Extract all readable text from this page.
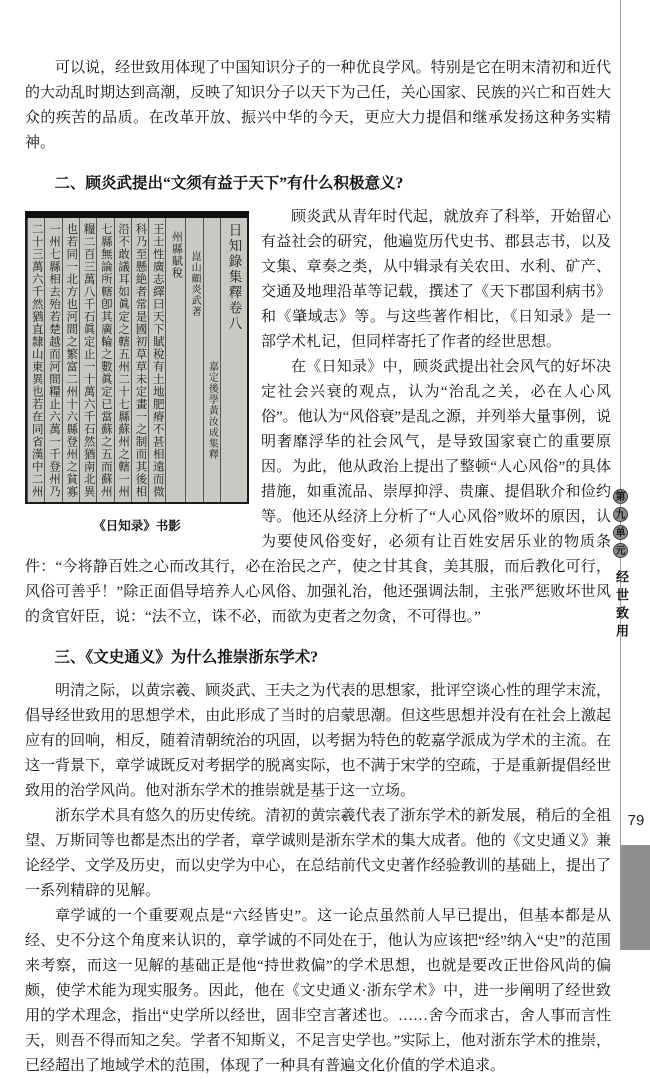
可以说，经世致用体现了中国知识分子的一种优良学风。特别是它在明末清初和近代的大动乱时期达到高潮，反映了知识分子以天下为己任，关心国家、民族的兴亡和百姓大众的疾苦的品质。在改革开放、振兴中华的今天，更应大力提倡和继承发扬这种务实精神。

二、顾炎武提出“文须有益于天下”有什么积极意义?
日知錄集釋卷八
嘉定後學黃汝成集釋
崑山顧炎武著
州縣賦稅
王士性廣志繹曰天下賦稅有土地肥瘠不甚相遠而微
科乃至懸絶者常是國初草草未定畫一之制而其後相
沿不敢議耳如眞定之轄五州二十七縣蘇州之轄一州
七縣無論所轄卽其廣輪之數眞定已當蘇之五而蘇州
糧二百三萬八千石眞定止一十萬六千石然猶南北異
也若同一北方也河間之繁富二州十六縣登州之貧寡
一州七縣相去殆若楚越而河間糧止六萬一千登州乃
二十三萬六千然猶直隸山東異也若在同省漢中二州
《日知录》书影

顾炎武从青年时代起，就放弃了科举，开始留心有益社会的研究，他遍览历代史书、郡县志书，以及文集、章奏之类，从中辑录有关农田、水利、矿产、交通及地理沿革等记载，撰述了《天下郡国利病书》和《肇域志》等。与这些著作相比，《日知录》是一部学术札记，但同样寄托了作者的经世思想。

在《日知录》中，顾炎武提出社会风气的好坏决定社会兴衰的观点，认为“治乱之关，必在人心风俗”。他认为“风俗衰”是乱之源，并列举大量事例，说明奢靡浮华的社会风气，是导致国家衰亡的重要原因。为此，他从政治上提出了整顿“人心风俗”的具体措施，如重流品、崇厚抑浮、贵廉、提倡耿介和俭约等。他还从经济上分析了“人心风俗”败坏的原因，认为要使风俗变好，必须有让百姓安居乐业的物质条件：“今将静百姓之心而改其行，必在治民之产，使之甘其食，美其服，而后教化可行，风俗可善乎！”除正面倡导培养人心风俗、加强礼治，他还强调法制，主张严惩败坏世风的贪官奸臣，说：“法不立，诛不必，而欲为吏者之勿贪，不可得也。”

三、《文史通义》为什么推崇浙东学术?

明清之际，以黄宗羲、顾炎武、王夫之为代表的思想家，批评空谈心性的理学末流，倡导经世致用的思想学术，由此形成了当时的启蒙思潮。但这些思想并没有在社会上激起应有的回响，相反，随着清朝统治的巩固，以考据为特色的乾嘉学派成为学术的主流。在这一背景下，章学诚既反对考据学的脱离实际，也不满于宋学的空疏，于是重新提倡经世致用的治学风尚。他对浙东学术的推崇就是基于这一立场。

浙东学术具有悠久的历史传统。清初的黄宗羲代表了浙东学术的新发展，稍后的全祖望、万斯同等也都是杰出的学者，章学诚则是浙东学术的集大成者。他的《文史通义》兼论经学、文学及历史，而以史学为中心，在总结前代文史著作经验教训的基础上，提出了一系列精辟的见解。

章学诚的一个重要观点是“六经皆史”。这一论点虽然前人早已提出，但基本都是从经、史不分这个角度来认识的，章学诚的不同处在于，他认为应该把“经”纳入“史”的范围来考察，而这一见解的基础正是他“持世救偏”的学术思想，也就是要改正世俗风尚的偏颇，使学术能为现实服务。因此，他在《文史通义·浙东学术》中，进一步阐明了经世致用的学术理念，指出“史学所以经世，固非空言著述也。……舍今而求古，舍人事而言性天，则吾不得而知之矣。学者不知斯义，不足言史学也。”实际上，他对浙东学术的推崇，已经超出了地域学术的范围，体现了一种具有普遍文化价值的学术追求。

第
九
单
元
经世致用
79
